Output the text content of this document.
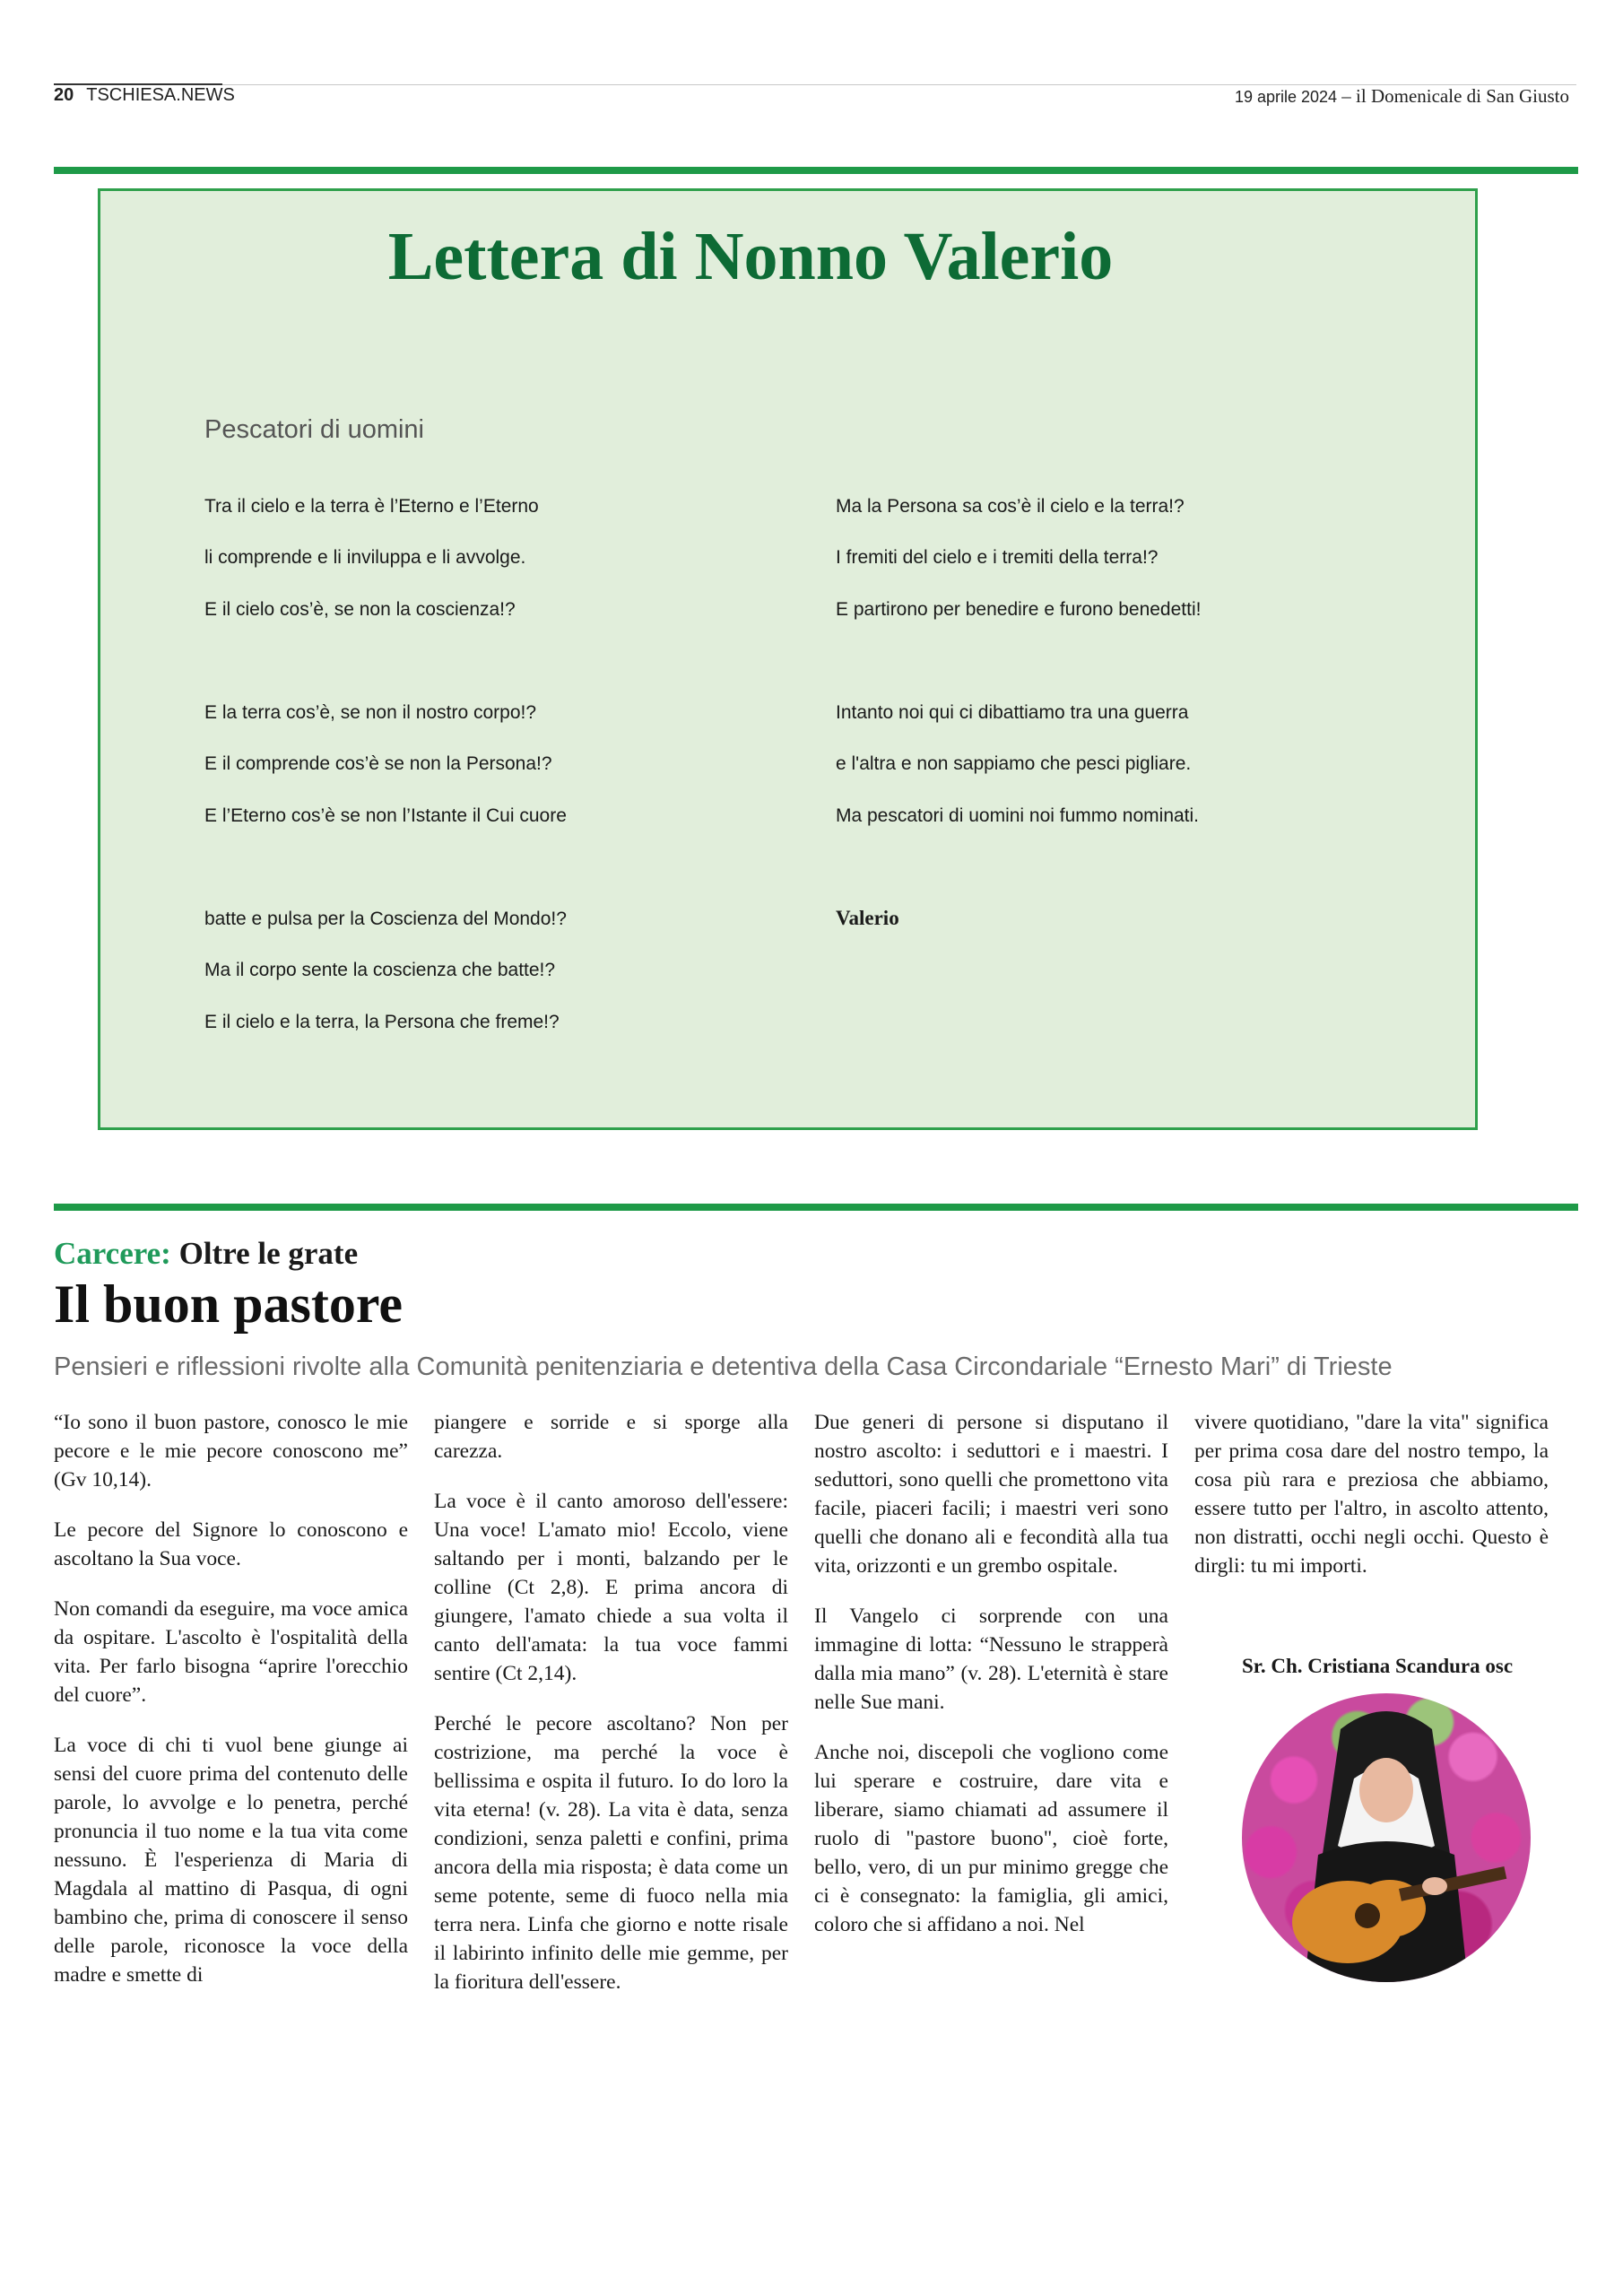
20 TSCHIESA.NEWS	19 aprile 2024 – il Domenicale di San Giusto
Lettera di Nonno Valerio
Pescatori di uomini
Tra il cielo e la terra è l’Eterno e l’Eterno
li comprende e li inviluppa e li avvolge.
E il cielo cos’è, se non la coscienza!?
E la terra cos’è, se non il nostro corpo!?
E il comprende cos’è se non la Persona!?
E l’Eterno cos’è se non l’Istante il Cui cuore
batte e pulsa per la Coscienza del Mondo!?
Ma il corpo sente la coscienza che batte!?
E il cielo e la terra, la Persona che freme!?
Ma la Persona sa cos’è il cielo e la terra!?
I fremiti del cielo e i tremiti della terra!?
E partirono per benedire e furono benedetti!
Intanto noi qui ci dibattiamo tra una guerra
e l'altra e non sappiamo che pesci pigliare.
Ma pescatori di uomini noi fummo nominati.
Valerio
Carcere: Oltre le grate
Il buon pastore
Pensieri e riflessioni rivolte alla Comunità penitenziaria e detentiva della Casa Circondariale “Ernesto Mari” di Trieste

“Io sono il buon pastore, conosco le mie pecore e le mie pecore conoscono me” (Gv 10,14).

Le pecore del Signore lo conoscono e ascoltano la Sua voce.

Non comandi da eseguire, ma voce amica da ospitare. L'ascolto è l'ospitalità della vita. Per farlo bisogna “aprire l'orecchio del cuore”.

La voce di chi ti vuol bene giunge ai sensi del cuore prima del contenuto delle parole, lo avvolge e lo penetra, perché pronuncia il tuo nome e la tua vita come nessuno. È l'esperienza di Maria di Magdala al mattino di Pasqua, di ogni bambino che, prima di conoscere il senso delle parole, riconosce la voce della madre e smette di

piangere e sorride e si sporge alla carezza.

La voce è il canto amoroso dell'essere: Una voce! L'amato mio! Eccolo, viene saltando per i monti, balzando per le colline (Ct 2,8). E prima ancora di giungere, l'amato chiede a sua volta il canto dell'amata: la tua voce fammi sentire (Ct 2,14).

Perché le pecore ascoltano? Non per costrizione, ma perché la voce è bellissima e ospita il futuro. Io do loro la vita eterna! (v. 28). La vita è data, senza condizioni, senza paletti e confini, prima ancora della mia risposta; è data come un seme potente, seme di fuoco nella mia terra nera. Linfa che giorno e notte risale il labirinto infinito delle mie gemme, per la fioritura dell'essere.

Due generi di persone si disputano il nostro ascolto: i seduttori e i maestri. I seduttori, sono quelli che promettono vita facile, piaceri facili; i maestri veri sono quelli che donano ali e fecondità alla tua vita, orizzonti e un grembo ospitale.

Il Vangelo ci sorprende con una immagine di lotta: “Nessuno le strapperà dalla mia mano” (v. 28). L'eternità è stare nelle Sue mani.

Anche noi, discepoli che vogliono come lui sperare e costruire, dare vita e liberare, siamo chiamati ad assumere il ruolo di "pastore buono", cioè forte, bello, vero, di un pur minimo gregge che ci è consegnato: la famiglia, gli amici, coloro che si affidano a noi. Nel

vivere quotidiano, "dare la vita" significa per prima cosa dare del nostro tempo, la cosa più rara e preziosa che abbiamo, essere tutto per l'altro, in ascolto attento, non distratti, occhi negli occhi. Questo è dirgli: tu mi importi.

Sr. Ch. Cristiana Scandura osc
